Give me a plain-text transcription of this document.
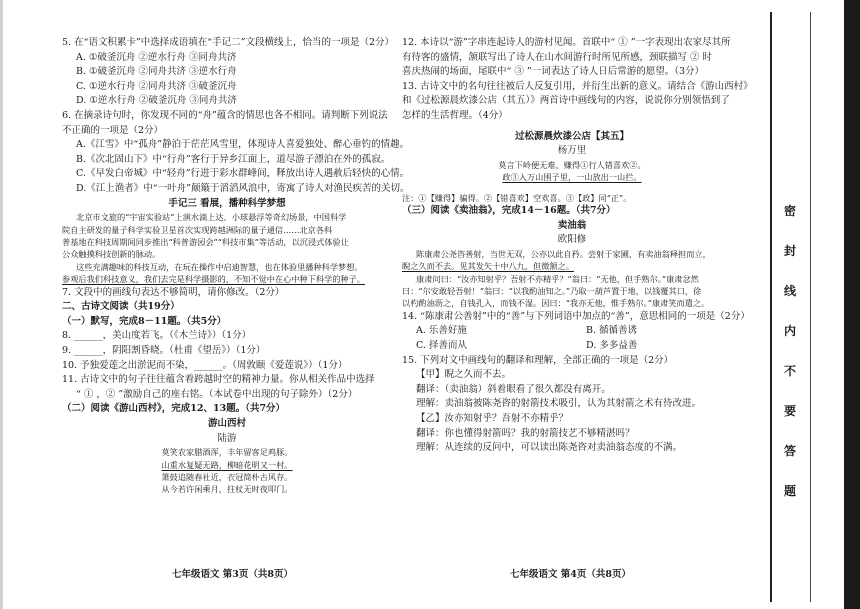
5. 在“语文积累卡”中选择成语填在“手记二”文段横线上，恰当的一项是（2分）

A. ①破釜沉舟 ②逆水行舟 ③同舟共济

B. ①破釜沉舟 ②同舟共济 ③逆水行舟

C. ①逆水行舟 ②同舟共济 ③破釜沉舟

D. ①逆水行舟 ②破釜沉舟 ③同舟共济

6. 在摘录诗句时，你发现不同的“舟”蕴含的情思也各不相同。请判断下列说法

不正确的一项是（2分）

A.《江雪》中“孤舟”静泊于茫茫风雪里，体现诗人喜爱独处、醉心垂钓的情趣。

B.《次北固山下》中“行舟”客行于异乡江面上，道尽游子漂泊在外的孤寂。

C.《早发白帝城》中“轻舟”行进于彩水群峰间，释放出诗人遇赦后轻快的心情。

D.《江上渔者》中“一叶舟”颠簸于滔滔风浪中，寄寓了诗人对渔民疾苦的关切。

手记三 看展，播种科学梦想

北京市文旅的“宇宙实验站”上演水滴上达、小球悬浮等奇幻场景，中国科学

院自主研发的量子科学实验卫星首次实现跨越洲际的量子通信……北京各科

普基地在科技周期间同步推出“科普游园会”“科技市集”等活动，以沉浸式体验让

公众触摸科技创新的脉动。

这些充满趣味的科技互动，在玩在操作中启迪智慧，也在体验里播种科学梦想。

参观后我们科技意义，我们去完是科学摄影的，不知不觉中在心中种下科学的种子。

7. 文段中的画线句表达不够简明，请你修改。（2分）

二、古诗文阅读（共19分）

（一）默写，完成8－11题。（共5分）

8. ______，美山度若飞。（《木兰诗》）（1分）

9. ______，阴阳割昏晓。（杜甫《望岳》）（1分）

10. 予独爱莲之出淤泥而不染，______。（周敦颐《爱莲说》）（1分）

11. 古诗文中的句子往往蕴含着跨越时空的精神力量。你从相关作品中选择

“ ① ，② ”激励自己的座右铭。（本试卷中出现的句子除外）（2分）

（二）阅读《游山西村》，完成12、13题。（共7分）

游山西村

陆游

莫笑农家腊酒浑，丰年留客足鸡豚。

山重水复疑无路，柳暗花明又一村。

箫鼓追随春社近，衣冠简朴古风存。

从今若许闲乘月，拄杖无时夜叩门。

七年级语文 第3页（共8页）

12. 本诗以“游”字串连起诗人的游村见闻。首联中“ ① ”一字表现出农家尽其所

有待客的盛情，颔联写出了诗人在山水间游行时所见所感，颈联描写 ② 时

喜庆热闹的场面，尾联中“ ③ ”一词表达了诗人日后常游的愿望。（3分）

13. 古诗文中的名句往往被后人反复引用，并衍生出新的意义。请结合《游山西村》

和《过松源晨炊漆公店（其五）》两首诗中画线句的内容，说说你分别领悟到了

怎样的生活哲理。（4分）

过松源晨炊漆公店【其五】

杨万里

莫言下岭便无难，赚得①行人错喜欢②。

政③入万山围子里，一山放出一山拦。

注：①【赚得】骗得。②【错喜欢】空欢喜。③【政】同“正”。

（三）阅读《卖油翁》，完成14－16题。（共7分）

卖油翁

欧阳修

陈康肃公尧咨善射，当世无双，公亦以此自矜。尝射于家圃，有卖油翁释担而立，

睨之久而不去。见其发矢十中八九，但微颔之。

康肃问曰：“汝亦知射乎？吾射不亦精乎？”翁曰：“无他，但手熟尔。”康肃忿然

曰：“尔安敢轻吾射！”翁曰：“以我酌油知之。”乃取一葫芦置于地，以钱覆其口，徐

以杓酌油沥之，自钱孔入，而钱不湿。因曰：“我亦无他，惟手熟尔。”康肃笑而遣之。

14. “陈康肃公善射”中的“善”与下列词语中加点的“善”，意思相同的一项是（2分）

A. 乐善好施	B. 循循善诱

C. 择善而从	D. 多多益善

15. 下列对文中画线句的翻译和理解，全部正确的一项是（2分）

【甲】睨之久而不去。

翻译：（卖油翁）斜着眼看了很久都没有离开。

理解：卖油翁被陈尧咨的射箭技术吸引，认为其射箭之术有待改进。

【乙】汝亦知射乎？吾射不亦精乎？

翻译：你也懂得射箭吗？我的射箭技艺不够精湛吗？

理解：从连续的反问中，可以读出陈尧咨对卖油翁态度的不满。

七年级语文 第4页（共8页）
密
封
线
内
不
要
答
题
